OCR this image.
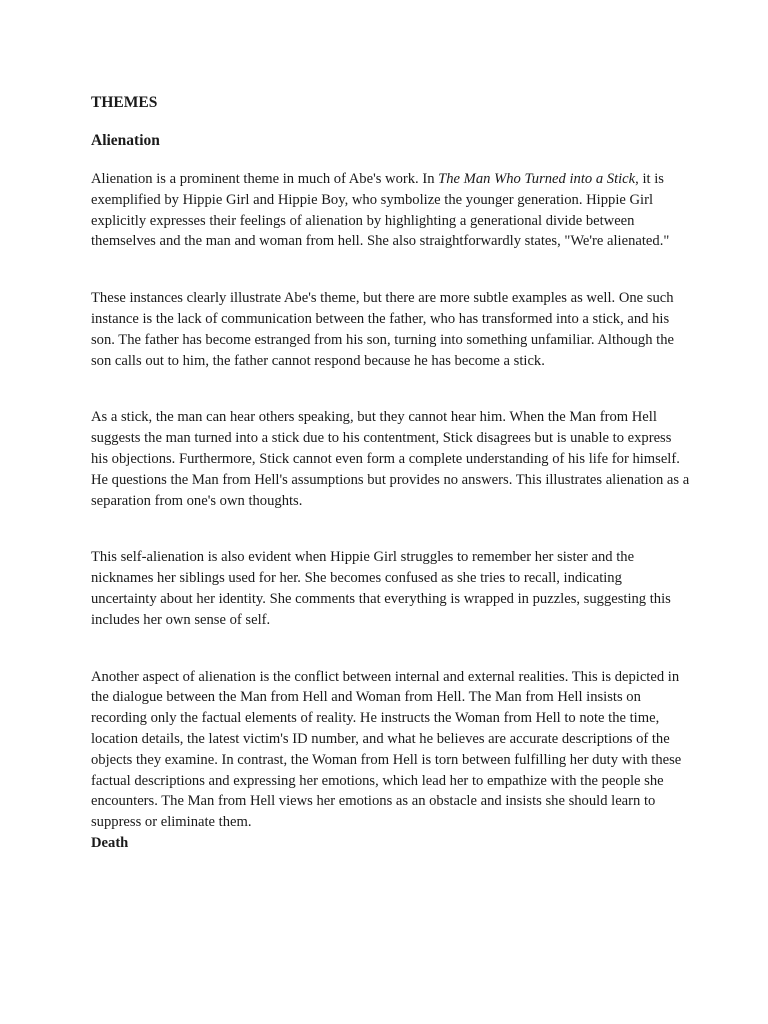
THEMES
Alienation

Alienation is a prominent theme in much of Abe's work. In The Man Who Turned into a Stick, it is exemplified by Hippie Girl and Hippie Boy, who symbolize the younger generation. Hippie Girl explicitly expresses their feelings of alienation by highlighting a generational divide between themselves and the man and woman from hell. She also straightforwardly states, "We're alienated."

These instances clearly illustrate Abe's theme, but there are more subtle examples as well. One such instance is the lack of communication between the father, who has transformed into a stick, and his son. The father has become estranged from his son, turning into something unfamiliar. Although the son calls out to him, the father cannot respond because he has become a stick.

As a stick, the man can hear others speaking, but they cannot hear him. When the Man from Hell suggests the man turned into a stick due to his contentment, Stick disagrees but is unable to express his objections. Furthermore, Stick cannot even form a complete understanding of his life for himself. He questions the Man from Hell's assumptions but provides no answers. This illustrates alienation as a separation from one's own thoughts.

This self-alienation is also evident when Hippie Girl struggles to remember her sister and the nicknames her siblings used for her. She becomes confused as she tries to recall, indicating uncertainty about her identity. She comments that everything is wrapped in puzzles, suggesting this includes her own sense of self.

Another aspect of alienation is the conflict between internal and external realities. This is depicted in the dialogue between the Man from Hell and Woman from Hell. The Man from Hell insists on recording only the factual elements of reality. He instructs the Woman from Hell to note the time, location details, the latest victim's ID number, and what he believes are accurate descriptions of the objects they examine. In contrast, the Woman from Hell is torn between fulfilling her duty with these factual descriptions and expressing her emotions, which lead her to empathize with the people she encounters. The Man from Hell views her emotions as an obstacle and insists she should learn to suppress or eliminate them.

Death
